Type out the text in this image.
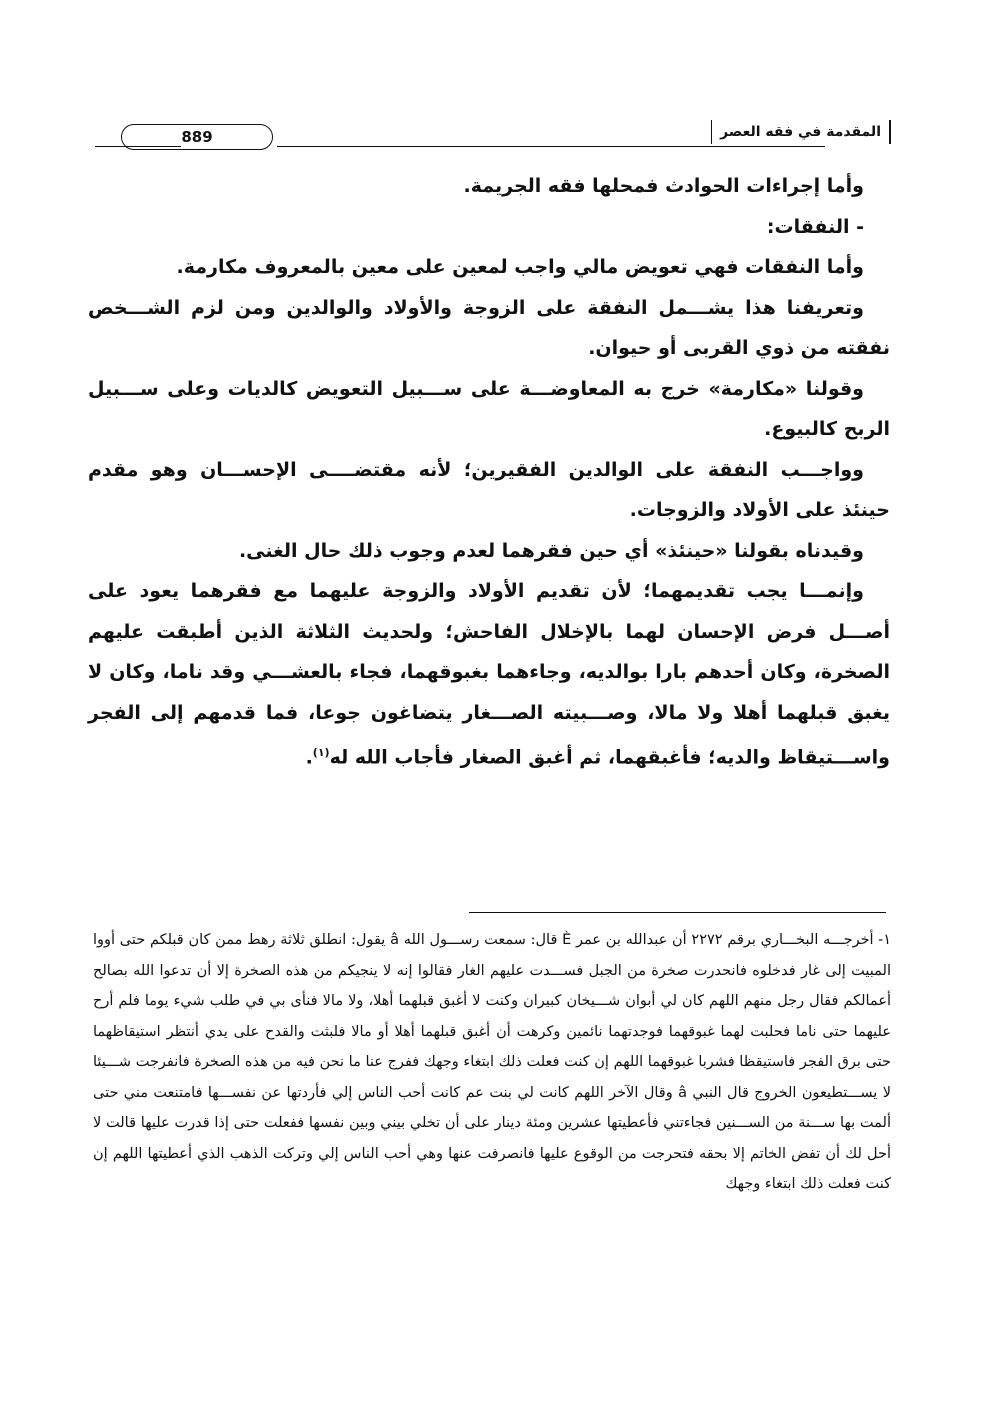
889	المقدمة في فقه العصر

وأما إجراءات الحوادث فمحلها فقه الجريمة.

- النفقات:

وأما النفقات فهي تعويض مالي واجب لمعين على معين بالمعروف مكارمة.

وتعريفنا هذا يشـــمل النفقة على الزوجة والأولاد والوالدين ومن لزم الشـــخص نفقته من ذوي القربى أو حيوان.

وقولنا «مكارمة» خرج به المعاوضـــة على ســـبيل التعويض كالديات وعلى ســـبيل الربح كالبيوع.

وواجـــب النفقة على الوالدين الفقيرين؛ لأنه مقتضــــى الإحســـان وهو مقدم حينئذ على الأولاد والزوجات.

وقيدناه بقولنا «حينئذ» أي حين فقرهما لعدم وجوب ذلك حال الغنى.

وإنمـــا يجب تقديمهما؛ لأن تقديم الأولاد والزوجة عليهما مع فقرهما يعود على أصـــل فرض الإحسان لهما بالإخلال الفاحش؛ ولحديث الثلاثة الذين أطبقت عليهم الصخرة، وكان أحدهم بارا بوالديه، وجاءهما بغبوقهما، فجاء بالعشـــي وقد ناما، وكان لا يغبق قبلهما أهلا ولا مالا، وصـــبيته الصـــغار يتضاغون جوعا، فما قدمهم إلى الفجر واســـتيقاظ والديه؛ فأغبقهما، ثم أغبق الصغار فأجاب الله له$^{(١)}$.

١- أخرجـــه البخـــاري برقم ٢٢٧٢ أن عبدالله بن عمر È قال: سمعت رســـول الله â يقول: انطلق ثلاثة رهط ممن كان قبلكم حتى أووا المبيت إلى غار فدخلوه فانحدرت صخرة من الجبل فســـدت عليهم الغار فقالوا إنه لا ينجيكم من هذه الصخرة إلا أن تدعوا الله بصالح أعمالكم فقال رجل منهم اللهم كان لي أبوان شـــيخان كبيران وكنت لا أغبق قبلهما أهلا، ولا مالا فنأى بي في طلب شيء يوما فلم أرح عليهما حتى ناما فحلبت لهما غبوقهما فوجدتهما نائمين وكرهت أن أغبق قبلهما أهلا أو مالا فلبثت والقدح على يدي أنتظر استيقاظهما حتى برق الفجر فاستيقظا فشربا غبوقهما اللهم إن كنت فعلت ذلك ابتغاء وجهك ففرج عنا ما نحن فيه من هذه الصخرة فانفرجت شـــيئا لا يســـتطيعون الخروج قال النبي â وقال الآخر اللهم كانت لي بنت عم كانت أحب الناس إلي فأردتها عن نفســـها فامتنعت مني حتى ألمت بها ســـنة من الســـنين فجاءتني فأعطيتها عشرين ومئة دينار على أن تخلي بيني وبين نفسها ففعلت حتى إذا قدرت عليها قالت لا أحل لك أن تفض الخاتم إلا بحقه فتحرجت من الوقوع عليها فانصرفت عنها وهي أحب الناس إلي وتركت الذهب الذي أعطيتها اللهم إن كنت فعلت ذلك ابتغاء وجهك
